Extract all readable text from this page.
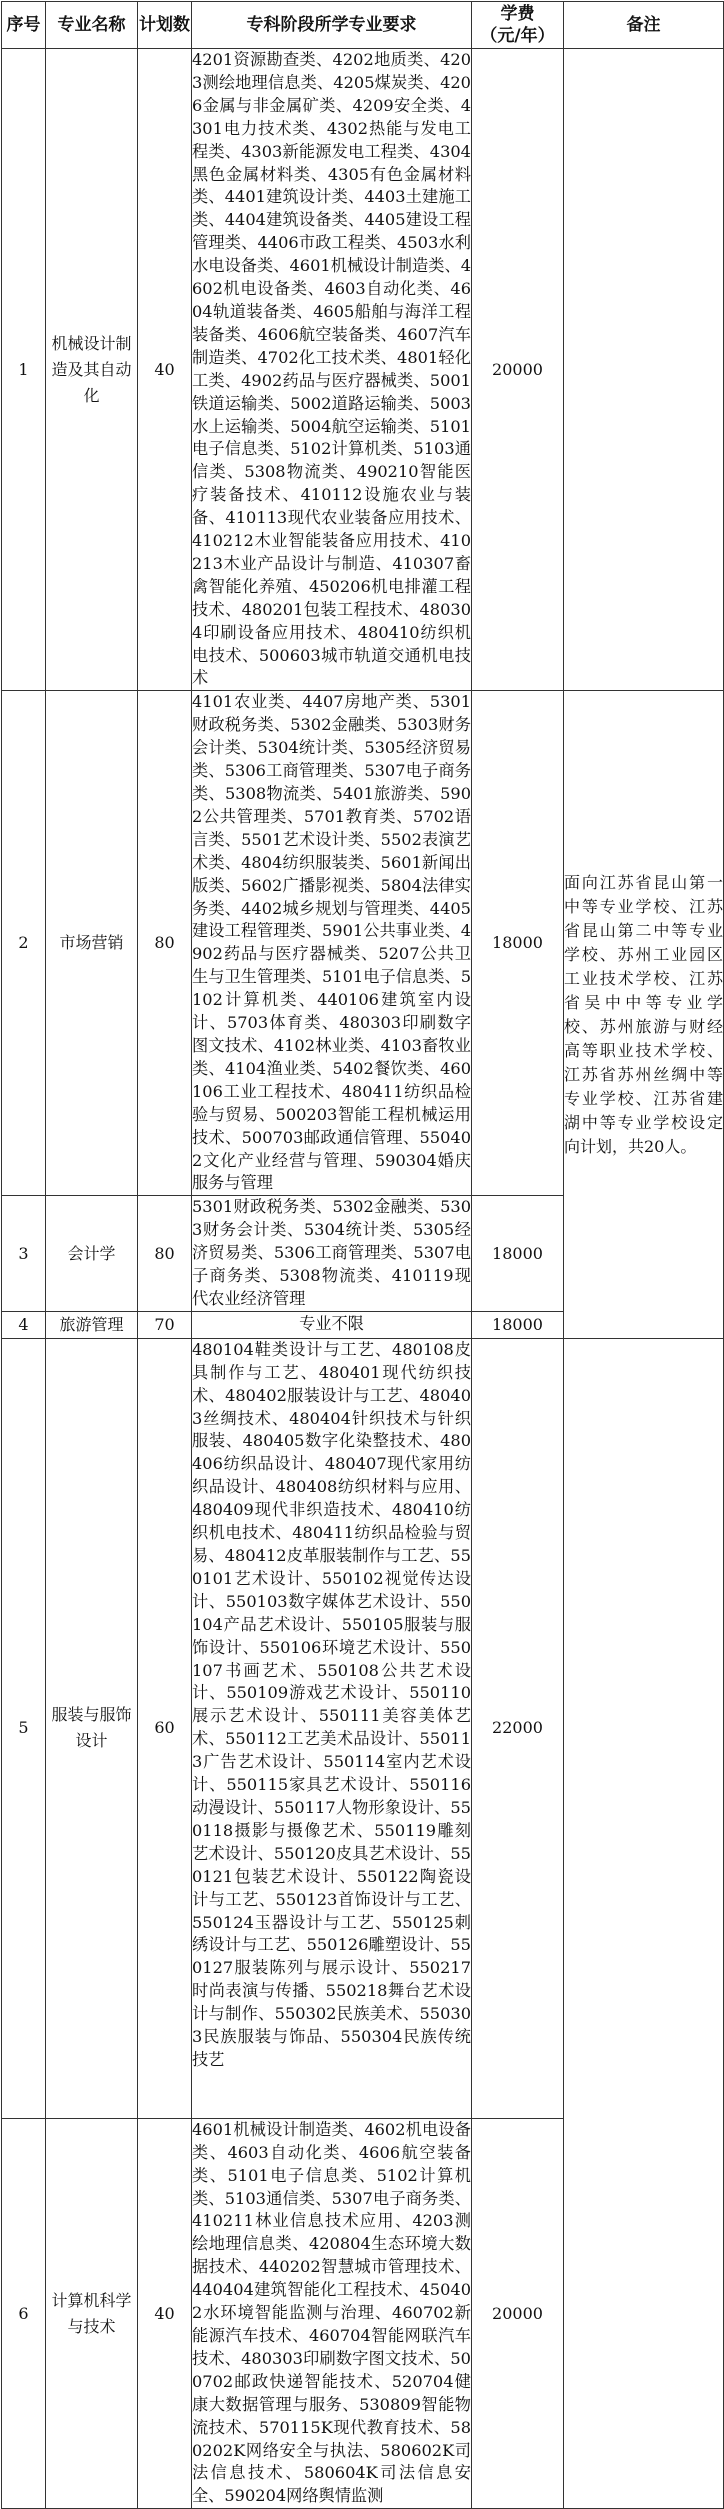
序号	专业名称	计划数	专科阶段所学专业要求	学费
（元/年）	备注
1	机械设计制造及其自动化	40	4201资源勘查类、4202地质类、4203测绘地理信息类、4205煤炭类、4206金属与非金属矿类、4209安全类、4301电力技术类、4302热能与发电工程类、4303新能源发电工程类、4304黑色金属材料类、4305有色金属材料类、4401建筑设计类、4403土建施工类、4404建筑设备类、4405建设工程管理类、4406市政工程类、4503水利水电设备类、4601机械设计制造类、4602机电设备类、4603自动化类、4604轨道装备类、4605船舶与海洋工程装备类、4606航空装备类、4607汽车制造类、4702化工技术类、4801轻化工类、4902药品与医疗器械类、5001铁道运输类、5002道路运输类、5003水上运输类、5004航空运输类、5101电子信息类、5102计算机类、5103通信类、5308物流类、490210智能医疗装备技术、410112设施农业与装备、410113现代农业装备应用技术、410212木业智能装备应用技术、410213木业产品设计与制造、410307畜禽智能化养殖、450206机电排灌工程技术、480201包装工程技术、480304印刷设备应用技术、480410纺织机电技术、500603城市轨道交通机电技术	20000	
2	市场营销	80	4101农业类、4407房地产类、5301财政税务类、5302金融类、5303财务会计类、5304统计类、5305经济贸易类、5306工商管理类、5307电子商务类、5308物流类、5401旅游类、5902公共管理类、5701教育类、5702语言类、5501艺术设计类、5502表演艺术类、4804纺织服装类、5601新闻出版类、5602广播影视类、5804法律实务类、4402城乡规划与管理类、4405建设工程管理类、5901公共事业类、4902药品与医疗器械类、5207公共卫生与卫生管理类、5101电子信息类、5102计算机类、440106建筑室内设计、5703体育类、480303印刷数字图文技术、4102林业类、4103畜牧业类、4104渔业类、5402餐饮类、460106工业工程技术、480411纺织品检验与贸易、500203智能工程机械运用技术、500703邮政通信管理、550402文化产业经营与管理、590304婚庆服务与管理	18000	面向江苏省昆山第一中等专业学校、江苏省昆山第二中等专业学校、苏州工业园区工业技术学校、江苏省吴中中等专业学校、苏州旅游与财经高等职业技术学校、江苏省苏州丝绸中等专业学校、江苏省建湖中等专业学校设定向计划，共20人。
3	会计学	80	5301财政税务类、5302金融类、5303财务会计类、5304统计类、5305经济贸易类、5306工商管理类、5307电子商务类、5308物流类、410119现代农业经济管理	18000	
4	旅游管理	70	专业不限	18000	
5	服装与服饰设计	60	480104鞋类设计与工艺、480108皮具制作与工艺、480401现代纺织技术、480402服装设计与工艺、480403丝绸技术、480404针织技术与针织服装、480405数字化染整技术、480406纺织品设计、480407现代家用纺织品设计、480408纺织材料与应用、480409现代非织造技术、480410纺织机电技术、480411纺织品检验与贸易、480412皮革服装制作与工艺、550101艺术设计、550102视觉传达设计、550103数字媒体艺术设计、550104产品艺术设计、550105服装与服饰设计、550106环境艺术设计、550107书画艺术、550108公共艺术设计、550109游戏艺术设计、550110展示艺术设计、550111美容美体艺术、550112工艺美术品设计、550113广告艺术设计、550114室内艺术设计、550115家具艺术设计、550116动漫设计、550117人物形象设计、550118摄影与摄像艺术、550119雕刻艺术设计、550120皮具艺术设计、550121包装艺术设计、550122陶瓷设计与工艺、550123首饰设计与工艺、550124玉器设计与工艺、550125刺绣设计与工艺、550126雕塑设计、550127服装陈列与展示设计、550217时尚表演与传播、550218舞台艺术设计与制作、550302民族美术、550303民族服装与饰品、550304民族传统技艺	22000	
6	计算机科学与技术	40	4601机械设计制造类、4602机电设备类、4603自动化类、4606航空装备类、5101电子信息类、5102计算机类、5103通信类、5307电子商务类、410211林业信息技术应用、4203测绘地理信息类、420804生态环境大数据技术、440202智慧城市管理技术、440404建筑智能化工程技术、450402水环境智能监测与治理、460702新能源汽车技术、460704智能网联汽车技术、480303印刷数字图文技术、500702邮政快递智能技术、520704健康大数据管理与服务、530809智能物流技术、570115K现代教育技术、580202K网络安全与执法、580602K司法信息技术、580604K司法信息安全、590204网络舆情监测	20000	
